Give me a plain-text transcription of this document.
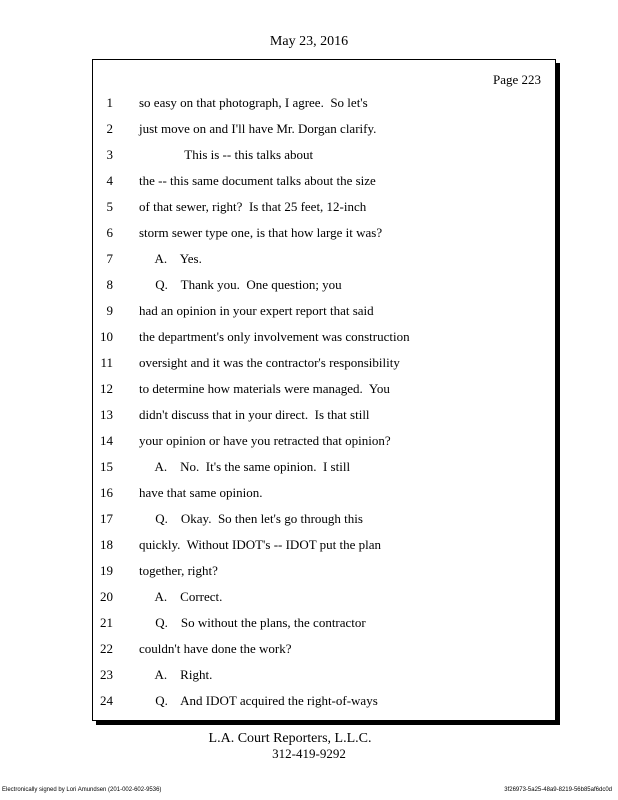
May 23, 2016
Page 223
1 so easy on that photograph, I agree.  So let's
2 just move on and I'll have Mr. Dorgan clarify.
3 This is -- this talks about
4 the -- this same document talks about the size
5 of that sewer, right?  Is that 25 feet, 12-inch
6 storm sewer type one, is that how large it was?
7 A.    Yes.
8 Q.    Thank you.  One question; you
9 had an opinion in your expert report that said
10 the department's only involvement was construction
11 oversight and it was the contractor's responsibility
12 to determine how materials were managed.  You
13 didn't discuss that in your direct.  Is that still
14 your opinion or have you retracted that opinion?
15 A.    No.  It's the same opinion.  I still
16 have that same opinion.
17 Q.    Okay.  So then let's go through this
18 quickly.  Without IDOT's -- IDOT put the plan
19 together, right?
20 A.    Correct.
21 Q.    So without the plans, the contractor
22 couldn't have done the work?
23 A.    Right.
24 Q.    And IDOT acquired the right-of-ways
L.A. Court Reporters, L.L.C.
312-419-9292
Electronically signed by Lori Amundsen (201-002-602-9536)	3f26973-5a25-48a9-8219-56b85af6dc0d
